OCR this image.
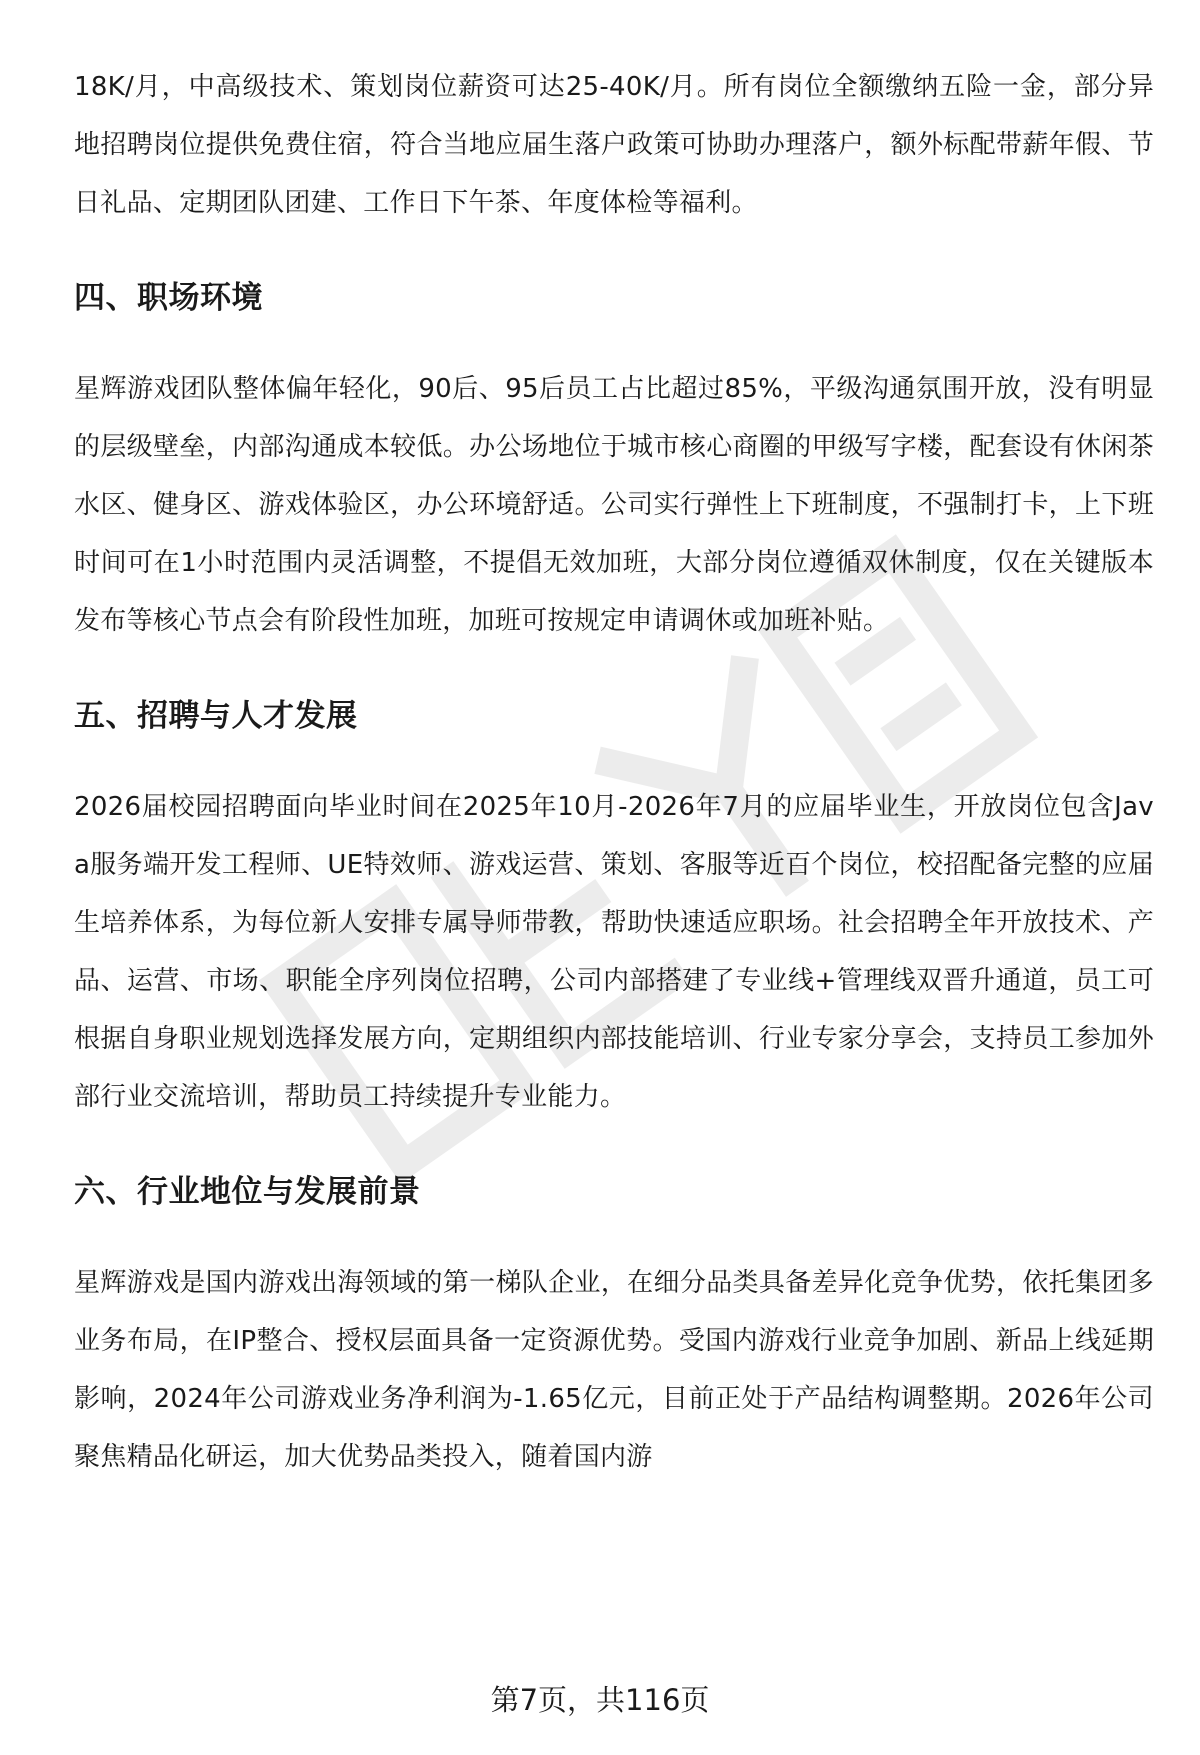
18K/月，中高级技术、策划岗位薪资可达25-40K/月。所有岗位全额缴纳五险一金，部分异地招聘岗位提供免费住宿，符合当地应届生落户政策可协助办理落户，额外标配带薪年假、节日礼品、定期团队团建、工作日下午茶、年度体检等福利。

四、职场环境

星辉游戏团队整体偏年轻化，90后、95后员工占比超过85%，平级沟通氛围开放，没有明显的层级壁垒，内部沟通成本较低。办公场地位于城市核心商圈的甲级写字楼，配套设有休闲茶水区、健身区、游戏体验区，办公环境舒适。公司实行弹性上下班制度，不强制打卡，上下班时间可在1小时范围内灵活调整，不提倡无效加班，大部分岗位遵循双休制度，仅在关键版本发布等核心节点会有阶段性加班，加班可按规定申请调休或加班补贴。

五、招聘与人才发展

2026届校园招聘面向毕业时间在2025年10月-2026年7月的应届毕业生，开放岗位包含Java服务端开发工程师、UE特效师、游戏运营、策划、客服等近百个岗位，校招配备完整的应届生培养体系，为每位新人安排专属导师带教，帮助快速适应职场。社会招聘全年开放技术、产品、运营、市场、职能全序列岗位招聘，公司内部搭建了专业线+管理线双晋升通道，员工可根据自身职业规划选择发展方向，定期组织内部技能培训、行业专家分享会，支持员工参加外部行业交流培训，帮助员工持续提升专业能力。

六、行业地位与发展前景

星辉游戏是国内游戏出海领域的第一梯队企业，在细分品类具备差异化竞争优势，依托集团多业务布局，在IP整合、授权层面具备一定资源优势。受国内游戏行业竞争加剧、新品上线延期影响，2024年公司游戏业务净利润为-1.65亿元，目前正处于产品结构调整期。2026年公司聚焦精品化研运，加大优势品类投入，随着国内游

第7页，共116页
